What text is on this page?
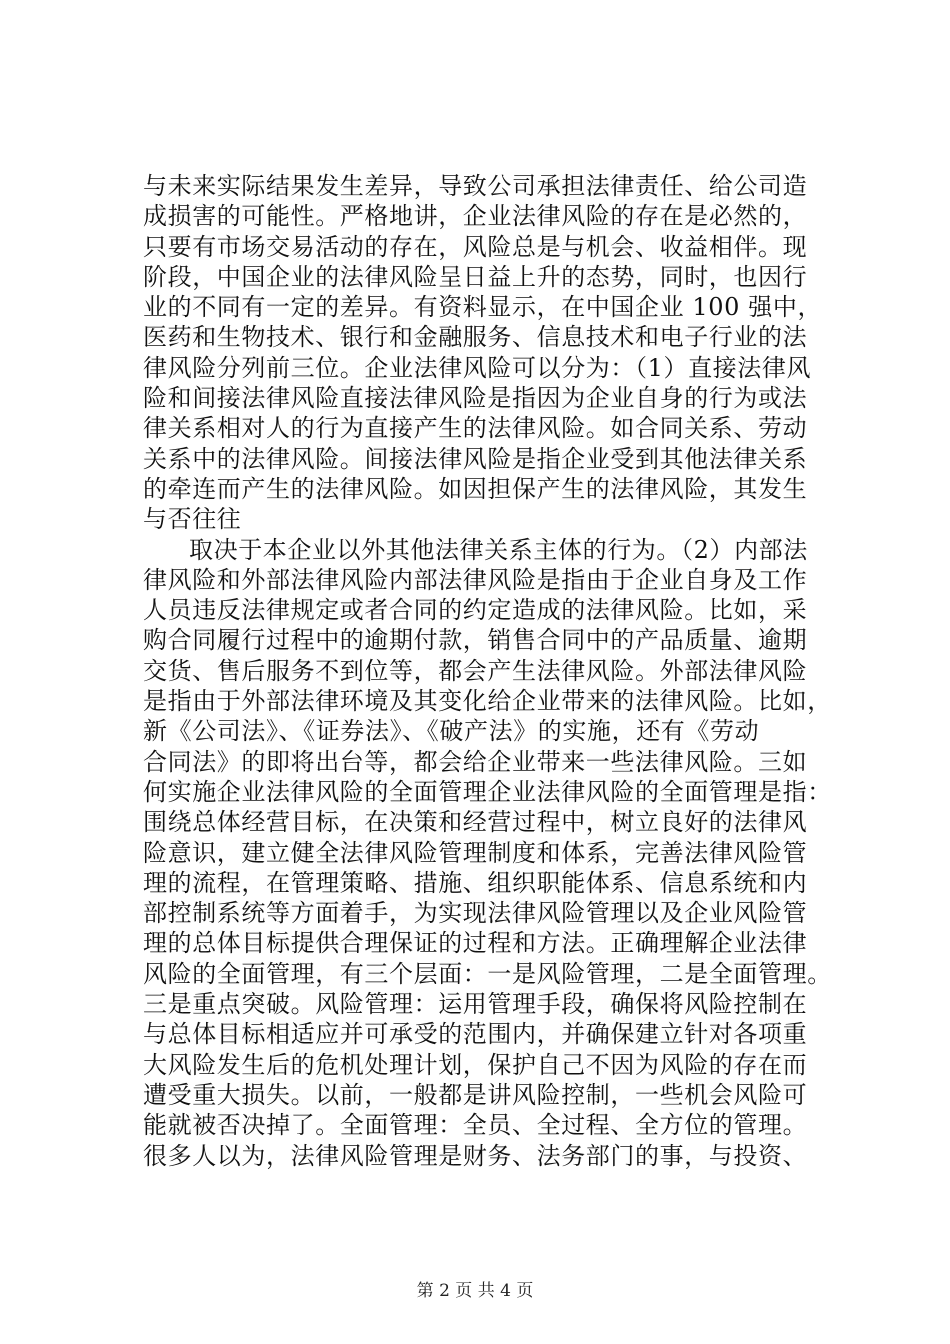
与未来实际结果发生差异，导致公司承担法律责任、给公司造
成损害的可能性。严格地讲，企业法律风险的存在是必然的，
只要有市场交易活动的存在，风险总是与机会、收益相伴。现
阶段，中国企业的法律风险呈日益上升的态势，同时，也因行
业的不同有一定的差异。有资料显示，在中国企业 100 强中，
医药和生物技术、银行和金融服务、信息技术和电子行业的法
律风险分列前三位。企业法律风险可以分为：（1）直接法律风
险和间接法律风险直接法律风险是指因为企业自身的行为或法
律关系相对人的行为直接产生的法律风险。如合同关系、劳动
关系中的法律风险。间接法律风险是指企业受到其他法律关系
的牵连而产生的法律风险。如因担保产生的法律风险，其发生
与否往往
取决于本企业以外其他法律关系主体的行为。（2）内部法
律风险和外部法律风险内部法律风险是指由于企业自身及工作
人员违反法律规定或者合同的约定造成的法律风险。比如，采
购合同履行过程中的逾期付款，销售合同中的产品质量、逾期
交货、售后服务不到位等，都会产生法律风险。外部法律风险
是指由于外部法律环境及其变化给企业带来的法律风险。比如，
新《公司法》、《证券法》、《破产法》的实施，还有《劳动
合同法》的即将出台等，都会给企业带来一些法律风险。三如
何实施企业法律风险的全面管理企业法律风险的全面管理是指：
围绕总体经营目标，在决策和经营过程中，树立良好的法律风
险意识，建立健全法律风险管理制度和体系，完善法律风险管
理的流程，在管理策略、措施、组织职能体系、信息系统和内
部控制系统等方面着手，为实现法律风险管理以及企业风险管
理的总体目标提供合理保证的过程和方法。正确理解企业法律
风险的全面管理，有三个层面：一是风险管理，二是全面管理。
三是重点突破。风险管理：运用管理手段，确保将风险控制在
与总体目标相适应并可承受的范围内，并确保建立针对各项重
大风险发生后的危机处理计划，保护自己不因为风险的存在而
遭受重大损失。以前，一般都是讲风险控制，一些机会风险可
能就被否决掉了。全面管理：全员、全过程、全方位的管理。
很多人以为，法律风险管理是财务、法务部门的事，与投资、
第 2 页 共 4 页
